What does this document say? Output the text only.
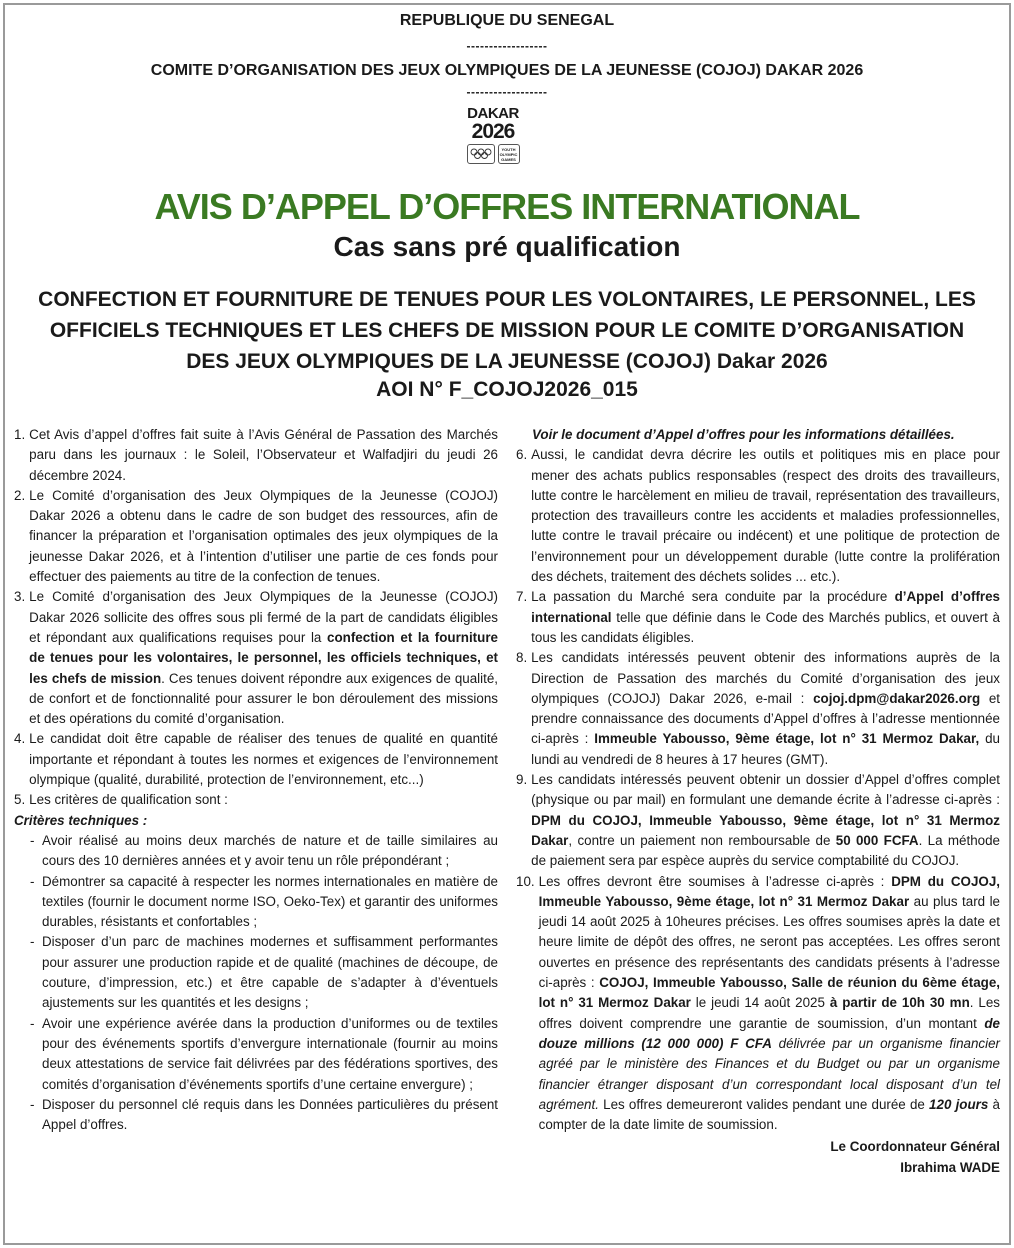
REPUBLIQUE DU SENEGAL
------------------
COMITE D’ORGANISATION DES JEUX OLYMPIQUES DE LA JEUNESSE (COJOJ) DAKAR 2026
------------------
DAKAR
2026
YOUTH OLYMPIC GAMES
AVIS D’APPEL D’OFFRES INTERNATIONAL
Cas sans pré qualification
CONFECTION ET FOURNITURE DE TENUES POUR LES VOLONTAIRES, LE PERSONNEL, LES OFFICIELS TECHNIQUES ET LES CHEFS DE MISSION POUR LE COMITE D’ORGANISATION DES JEUX OLYMPIQUES DE LA JEUNESSE (COJOJ) Dakar 2026
AOI N° F_COJOJ2026_015
1. Cet Avis d’appel d’offres fait suite à l’Avis Général de Passation des Marchés paru dans les journaux : le Soleil, l’Observateur et Walfadjiri du jeudi 26 décembre 2024.
2. Le Comité d’organisation des Jeux Olympiques de la Jeunesse (COJOJ) Dakar 2026 a obtenu dans le cadre de son budget des ressources, afin de financer la préparation et l’organisation optimales des jeux olympiques de la jeunesse Dakar 2026, et à l’intention d’utiliser une partie de ces fonds pour effectuer des paiements au titre de la confection de tenues.
3. Le Comité d’organisation des Jeux Olympiques de la Jeunesse (COJOJ) Dakar 2026 sollicite des offres sous pli fermé de la part de candidats éligibles et répondant aux qualifications requises pour la confection et la fourniture de tenues pour les volontaires, le personnel, les officiels techniques, et les chefs de mission. Ces tenues doivent répondre aux exigences de qualité, de confort et de fonctionnalité pour assurer le bon déroulement des missions et des opérations du comité d’organisation.
4. Le candidat doit être capable de réaliser des tenues de qualité en quantité importante et répondant à toutes les normes et exigences de l’environnement olympique (qualité, durabilité, protection de l’environnement, etc...)
5. Les critères de qualification sont :
Critères techniques :
- Avoir réalisé au moins deux marchés de nature et de taille similaires au cours des 10 dernières années et y avoir tenu un rôle prépondérant ;
- Démontrer sa capacité à respecter les normes internationales en matière de textiles (fournir le document norme ISO, Oeko-Tex) et garantir des uniformes durables, résistants et confortables ;
- Disposer d’un parc de machines modernes et suffisamment performantes pour assurer une production rapide et de qualité (machines de découpe, de couture, d’impression, etc.) et être capable de s’adapter à d’éventuels ajustements sur les quantités et les designs ;
- Avoir une expérience avérée dans la production d’uniformes ou de textiles pour des événements sportifs d’envergure internationale (fournir au moins deux attestations de service fait délivrées par des fédérations sportives, des comités d’organisation d’événements sportifs d’une certaine envergure) ;
- Disposer du personnel clé requis dans les Données particulières du présent Appel d’offres.
Voir le document d’Appel d’offres pour les informations détaillées.
6. Aussi, le candidat devra décrire les outils et politiques mis en place pour mener des achats publics responsables (respect des droits des travailleurs, lutte contre le harcèlement en milieu de travail, représentation des travailleurs, protection des travailleurs contre les accidents et maladies professionnelles, lutte contre le travail précaire ou indécent) et une politique de protection de l’environnement pour un développement durable (lutte contre la prolifération des déchets, traitement des déchets solides ... etc.).
7. La passation du Marché sera conduite par la procédure d’Appel d’offres international telle que définie dans le Code des Marchés publics, et ouvert à tous les candidats éligibles.
8. Les candidats intéressés peuvent obtenir des informations auprès de la Direction de Passation des marchés du Comité d’organisation des jeux olympiques (COJOJ) Dakar 2026, e-mail : cojoj.dpm@dakar2026.org et prendre connaissance des documents d’Appel d’offres à l’adresse mentionnée ci-après : Immeuble Yabousso, 9ème étage, lot n° 31 Mermoz Dakar, du lundi au vendredi de 8 heures à 17 heures (GMT).
9. Les candidats intéressés peuvent obtenir un dossier d’Appel d’offres complet (physique ou par mail) en formulant une demande écrite à l’adresse ci-après : DPM du COJOJ, Immeuble Yabousso, 9ème étage, lot n° 31 Mermoz Dakar, contre un paiement non remboursable de 50 000 FCFA. La méthode de paiement sera par espèce auprès du service comptabilité du COJOJ.
10. Les offres devront être soumises à l’adresse ci-après : DPM du COJOJ, Immeuble Yabousso, 9ème étage, lot n° 31 Mermoz Dakar au plus tard le jeudi 14 août 2025 à 10heures précises. Les offres soumises après la date et heure limite de dépôt des offres, ne seront pas acceptées. Les offres seront ouvertes en présence des représentants des candidats présents à l’adresse ci-après : COJOJ, Immeuble Yabousso, Salle de réunion du 6ème étage, lot n° 31 Mermoz Dakar le jeudi 14 août 2025 à partir de 10h 30 mn. Les offres doivent comprendre une garantie de soumission, d’un montant de douze millions (12 000 000) F CFA délivrée par un organisme financier agréé par le ministère des Finances et du Budget ou par un organisme financier étranger disposant d’un correspondant local disposant d’un tel agrément. Les offres demeureront valides pendant une durée de 120 jours à compter de la date limite de soumission.
Le Coordonnateur Général
Ibrahima WADE
